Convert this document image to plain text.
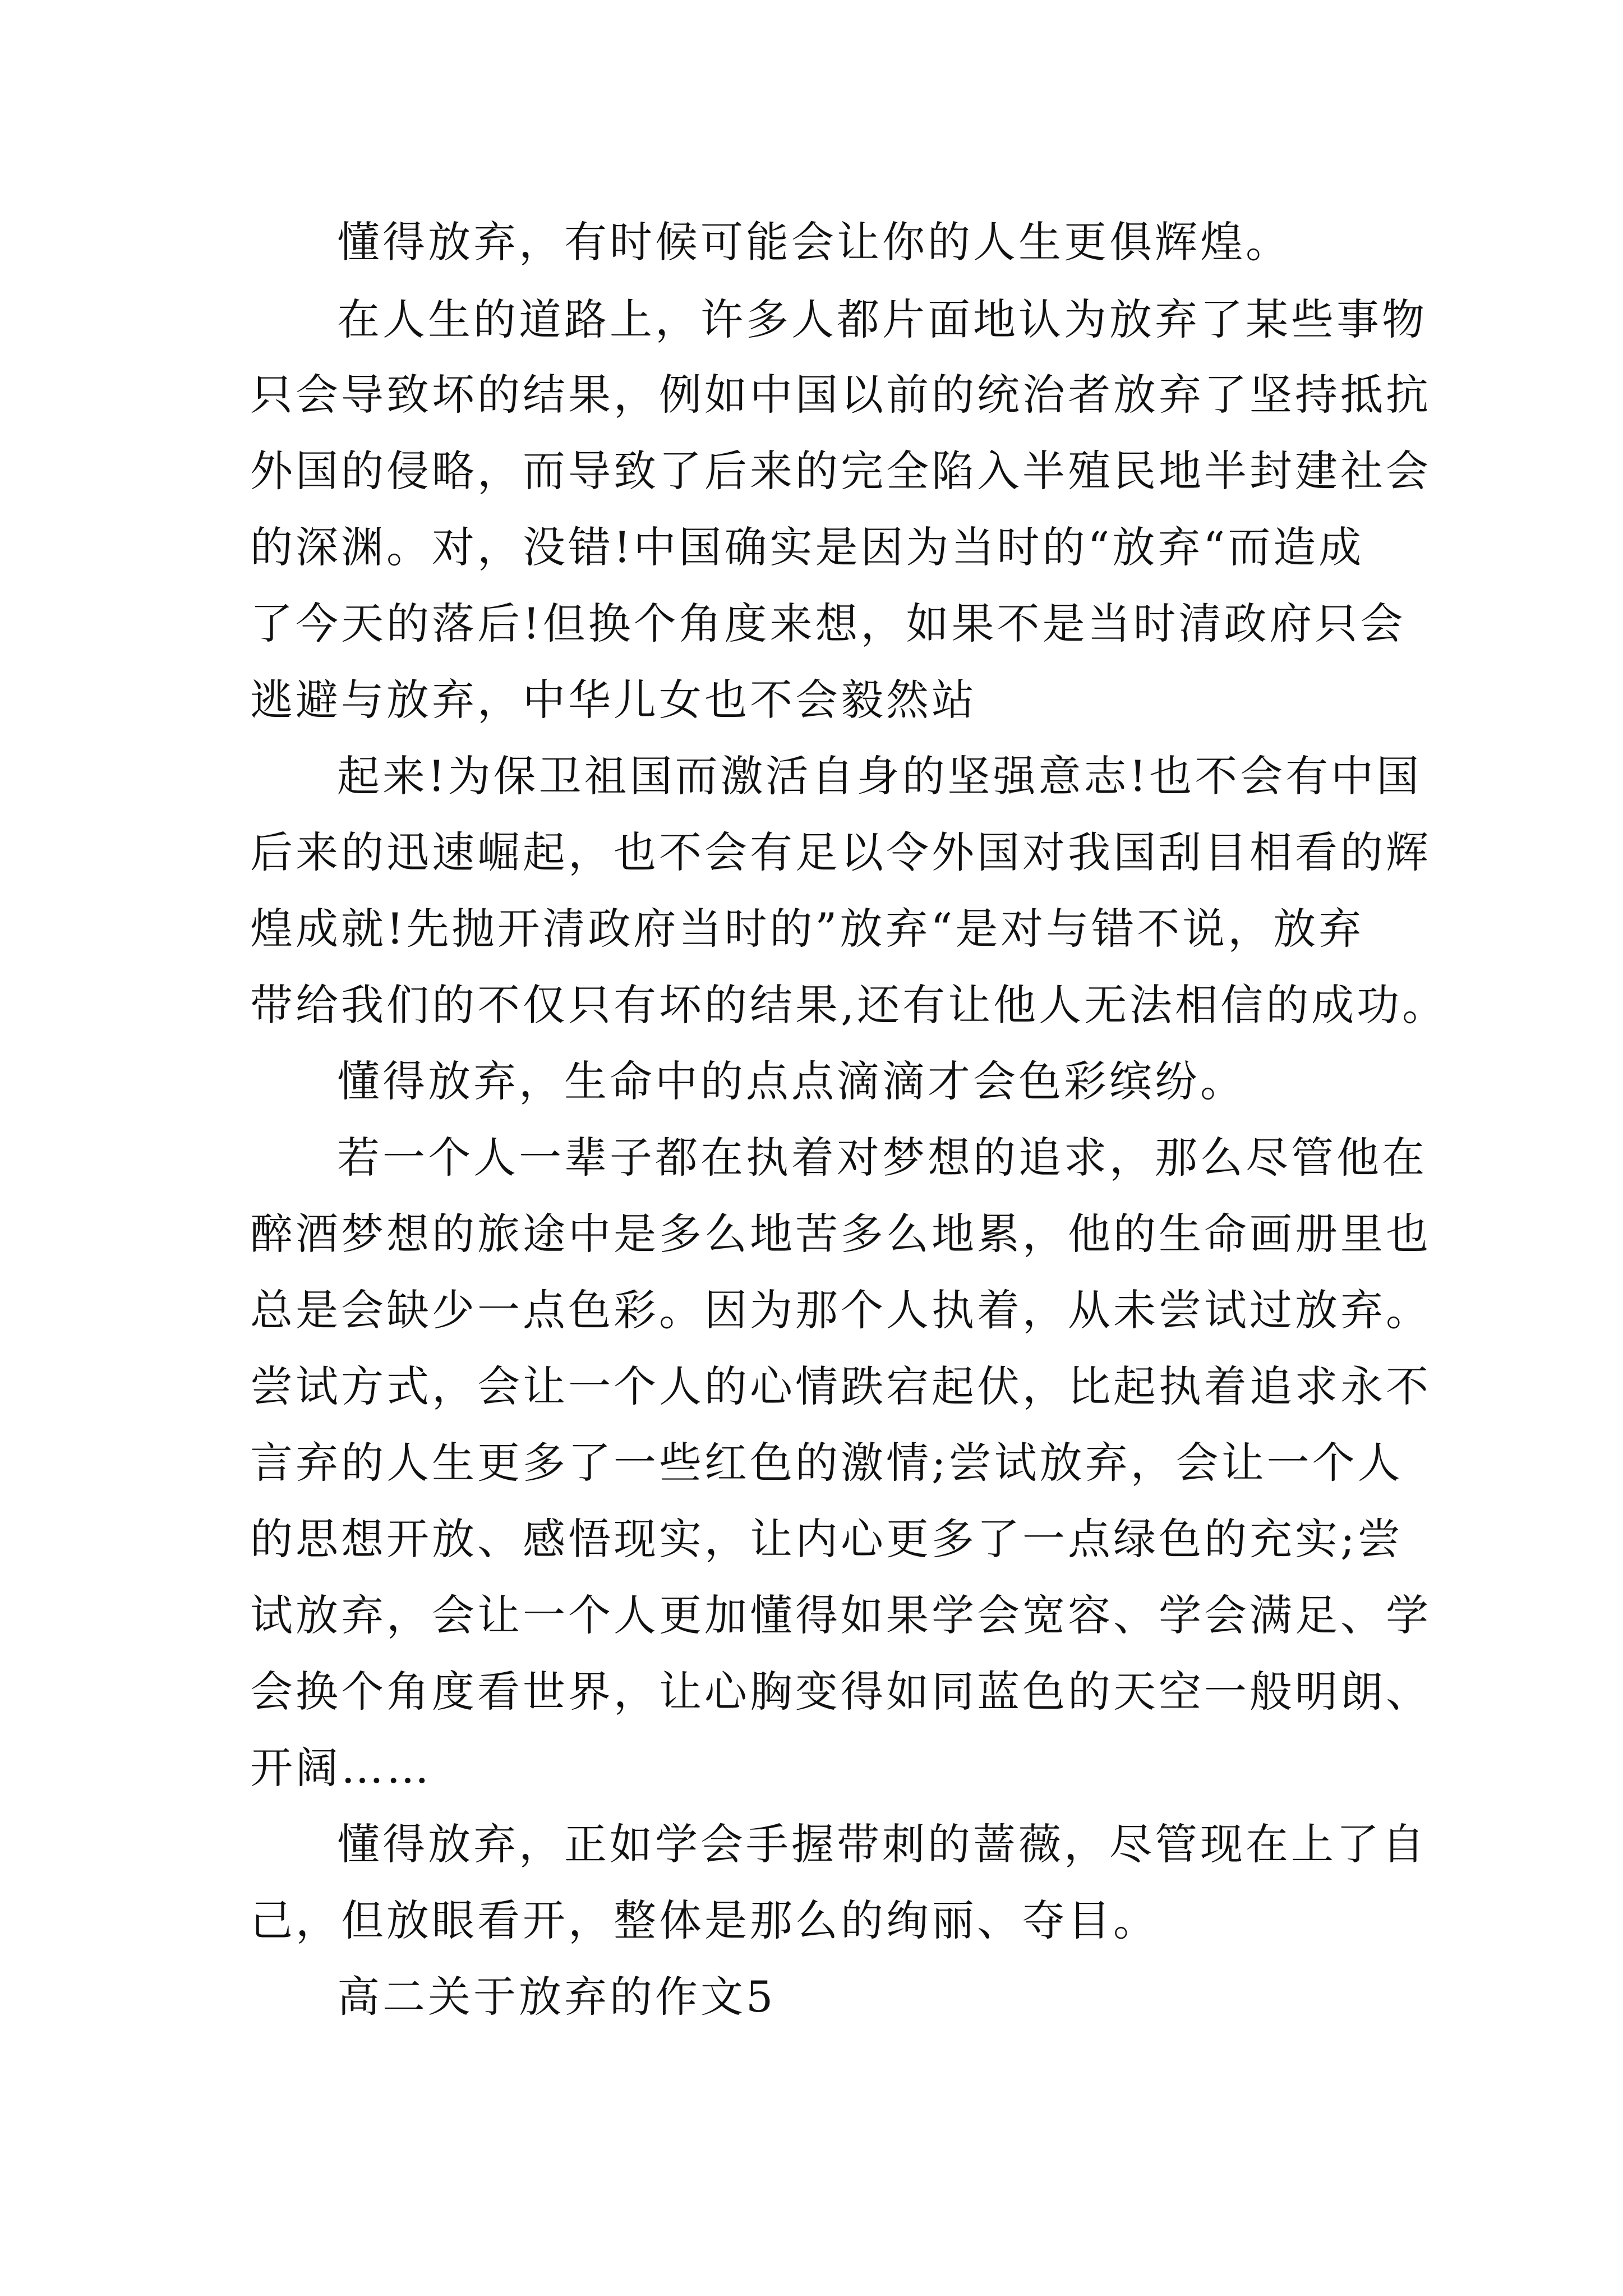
懂得放弃，有时候可能会让你的人生更俱辉煌。
在人生的道路上，许多人都片面地认为放弃了某些事物
只会导致坏的结果，例如中国以前的统治者放弃了坚持抵抗
外国的侵略，而导致了后来的完全陷入半殖民地半封建社会
的深渊。对，没错!中国确实是因为当时的“放弃“而造成
了今天的落后!但换个角度来想，如果不是当时清政府只会
逃避与放弃，中华儿女也不会毅然站
起来!为保卫祖国而激活自身的坚强意志!也不会有中国
后来的迅速崛起，也不会有足以令外国对我国刮目相看的辉
煌成就!先抛开清政府当时的”放弃“是对与错不说，放弃
带给我们的不仅只有坏的结果,还有让他人无法相信的成功。
懂得放弃，生命中的点点滴滴才会色彩缤纷。
若一个人一辈子都在执着对梦想的追求，那么尽管他在
醉酒梦想的旅途中是多么地苦多么地累，他的生命画册里也
总是会缺少一点色彩。因为那个人执着，从未尝试过放弃。
尝试方式，会让一个人的心情跌宕起伏，比起执着追求永不
言弃的人生更多了一些红色的激情;尝试放弃，会让一个人
的思想开放、感悟现实，让内心更多了一点绿色的充实;尝
试放弃，会让一个人更加懂得如果学会宽容、学会满足、学
会换个角度看世界，让心胸变得如同蓝色的天空一般明朗、
开阔……
懂得放弃，正如学会手握带刺的蔷薇，尽管现在上了自
己，但放眼看开，整体是那么的绚丽、夺目。
高二关于放弃的作文5
